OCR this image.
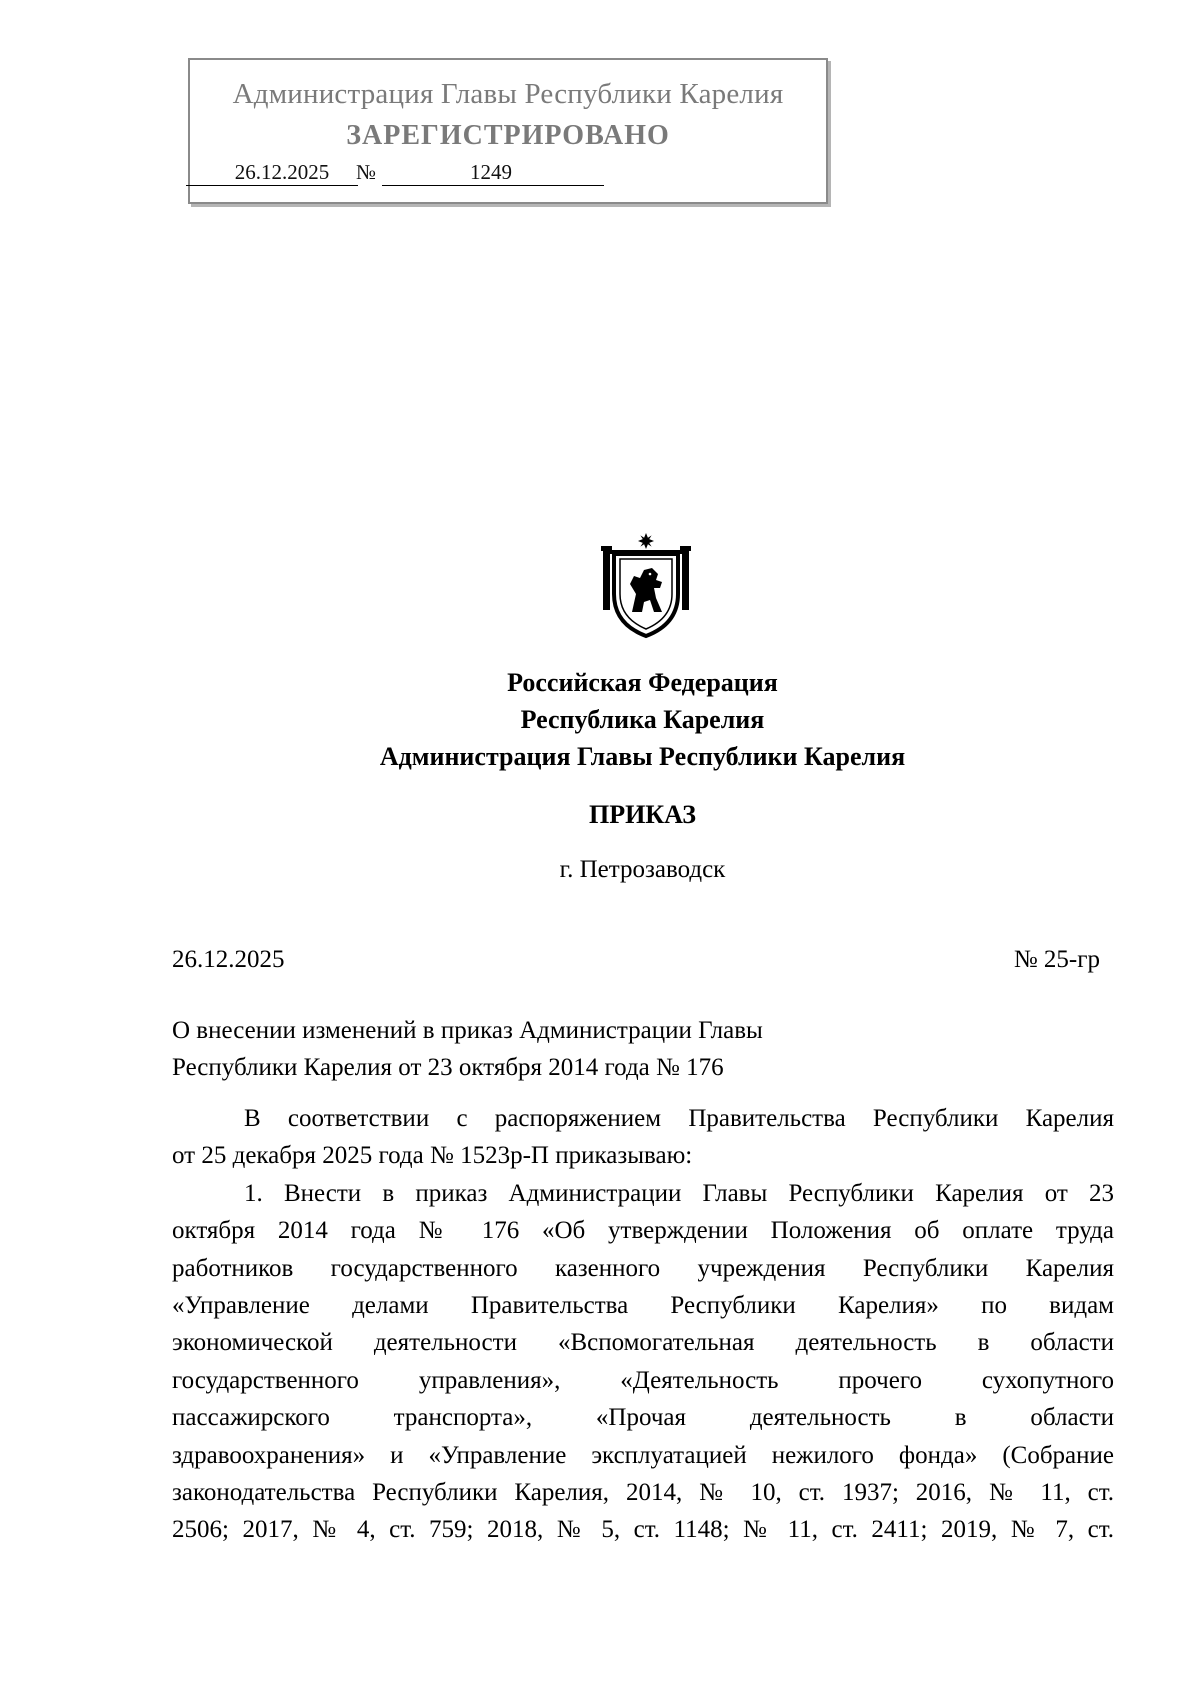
Администрация Главы Республики Карелия
ЗАРЕГИСТРИРОВАНО
26.12.2025	№	1249
Российская Федерация
Республика Карелия
Администрация Главы Республики Карелия
ПРИКАЗ
г. Петрозаводск
26.12.2025	№ 25-гр
О внесении изменений в приказ Администрации Главы
Республики Карелия от 23 октября 2014 года № 176
В соответствии с распоряжением Правительства Республики Карелия
от 25 декабря 2025 года № 1523р-П приказываю:
1. Внести в приказ Администрации Главы Республики Карелия от 23
октября 2014 года № 176 «Об утверждении Положения об оплате труда
работников государственного казенного учреждения Республики Карелия
«Управление делами Правительства Республики Карелия» по видам
экономической деятельности «Вспомогательная деятельность в области
государственного управления», «Деятельность прочего сухопутного
пассажирского транспорта», «Прочая деятельность в области
здравоохранения» и «Управление эксплуатацией нежилого фонда» (Собрание
законодательства Республики Карелия, 2014, № 10, ст. 1937; 2016, № 11, ст.
2506; 2017, № 4, ст. 759; 2018, № 5, ст. 1148; № 11, ст. 2411; 2019, № 7, ст.
